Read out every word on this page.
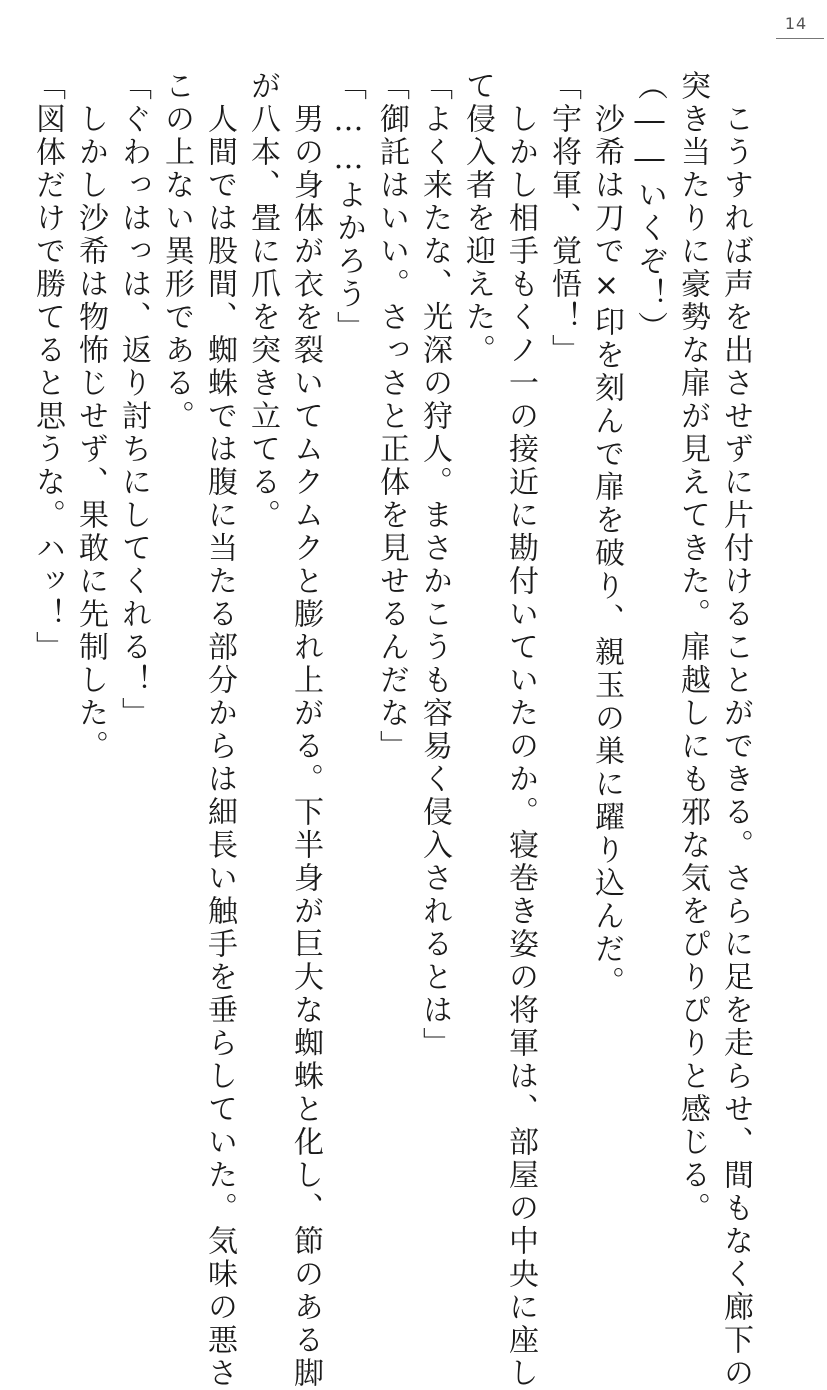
14
　こうすれば声を出させずに片付けることができる。さらに足を走らせ、間もなく廊下の
突き当たりに豪勢な扉が見えてきた。扉越しにも邪な気をぴりぴりと感じる。
（――いくぞ！）
　沙希は刀で×印を刻んで扉を破り、親玉の巣に躍り込んだ。
「宇将軍、覚悟！」
　しかし相手もくノ一の接近に勘付いていたのか。寝巻き姿の将軍は、部屋の中央に座し
て侵入者を迎えた。
「よく来たな、光深の狩人。まさかこうも容易く侵入されるとは」
「御託はいい。さっさと正体を見せるんだな」
「……よかろう」
　男の身体が衣を裂いてムクムクと膨れ上がる。下半身が巨大な蜘蛛と化し、節のある脚
が八本、畳に爪を突き立てる。
　人間では股間、蜘蛛では腹に当たる部分からは細長い触手を垂らしていた。気味の悪さ
この上ない異形である。
「ぐわっはっは、返り討ちにしてくれる！」
　しかし沙希は物怖じせず、果敢に先制した。
「図体だけで勝てると思うな。ハッ！」
